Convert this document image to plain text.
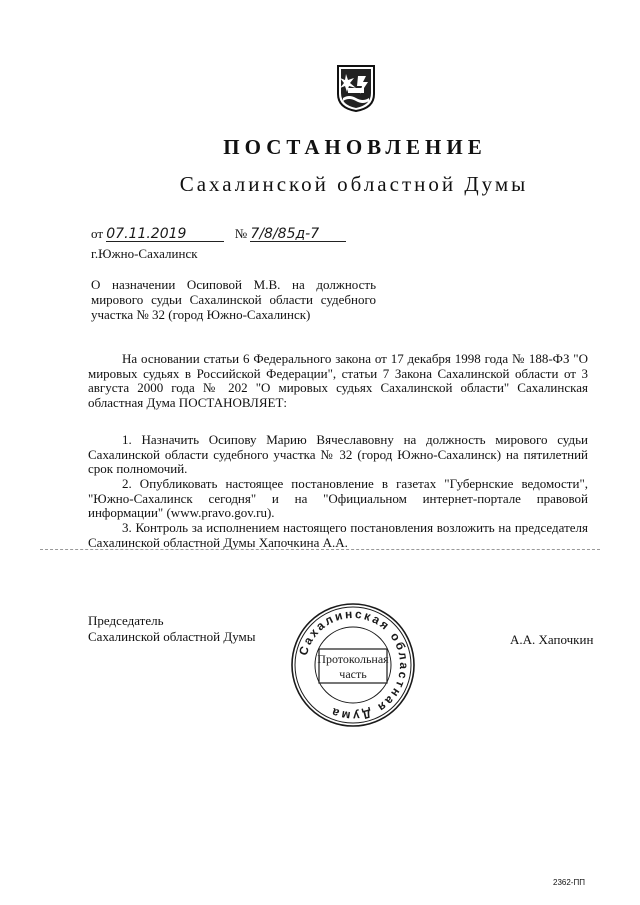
ПОСТАНОВЛЕНИЕ
Сахалинской областной Думы
от 07.11.2019	№ 7/8/85д-7
г.Южно-Сахалинск
О назначении Осиповой М.В. на должность мирового судьи Сахалинской области судебного участка № 32 (город Южно-Сахалинск)

На основании статьи 6 Федерального закона от 17 декабря 1998 года № 188-ФЗ "О мировых судьях в Российской Федерации", статьи 7 Закона Сахалинской области от 3 августа 2000 года № 202 "О мировых судьях Сахалинской области" Сахалинская областная Дума ПОСТАНОВЛЯЕТ:

1. Назначить Осипову Марию Вячеславовну на должность мирового судьи Сахалинской области судебного участка № 32 (город Южно-Сахалинск) на пятилетний срок полномочий.

2. Опубликовать настоящее постановление в газетах "Губернские ведомости", "Южно-Сахалинск сегодня" и на "Официальном интернет-портале правовой информации" (www.pravo.gov.ru).

3. Контроль за исполнением настоящего постановления возложить на председателя Сахалинской областной Думы Хапочкина А.А.

Председатель
Сахалинской областной Думы	А.А. Хапочкин
Сахалинская областная Дума
Протокольная
часть
2362-ПП
